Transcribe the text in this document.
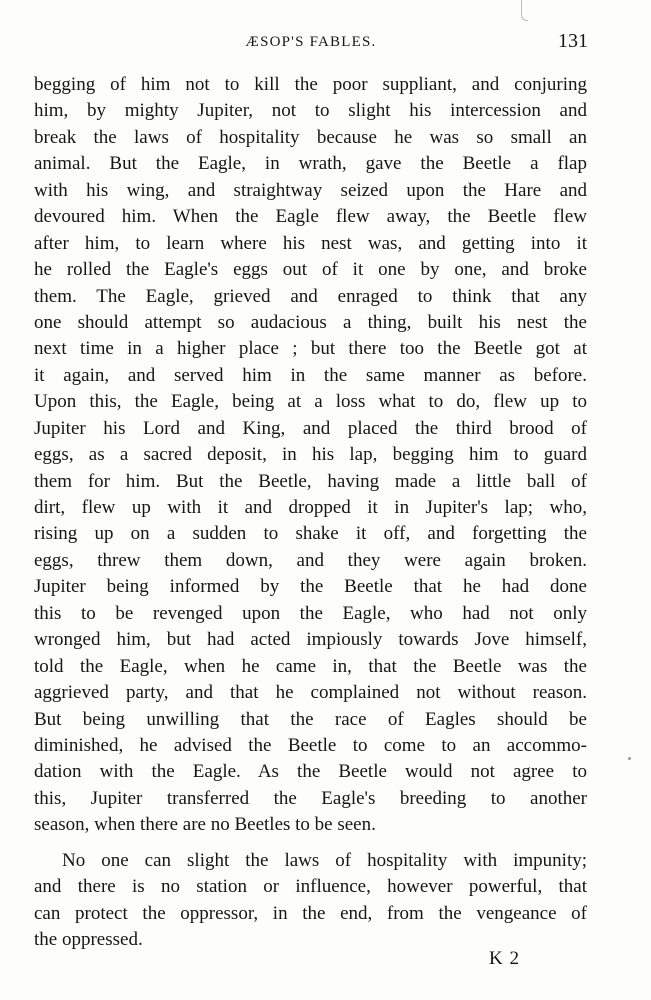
ÆSOP'S FABLES.	131
begging of him not to kill the poor suppliant, and conjuring
him, by mighty Jupiter, not to slight his intercession and
break the laws of hospitality because he was so small an
animal. But the Eagle, in wrath, gave the Beetle a flap
with his wing, and straightway seized upon the Hare and
devoured him. When the Eagle flew away, the Beetle flew
after him, to learn where his nest was, and getting into it
he rolled the Eagle's eggs out of it one by one, and broke
them. The Eagle, grieved and enraged to think that any
one should attempt so audacious a thing, built his nest the
next time in a higher place ; but there too the Beetle got at
it again, and served him in the same manner as before.
Upon this, the Eagle, being at a loss what to do, flew up to
Jupiter his Lord and King, and placed the third brood of
eggs, as a sacred deposit, in his lap, begging him to guard
them for him. But the Beetle, having made a little ball of
dirt, flew up with it and dropped it in Jupiter's lap; who,
rising up on a sudden to shake it off, and forgetting the
eggs, threw them down, and they were again broken.
Jupiter being informed by the Beetle that he had done
this to be revenged upon the Eagle, who had not only
wronged him, but had acted impiously towards Jove himself,
told the Eagle, when he came in, that the Beetle was the
aggrieved party, and that he complained not without reason.
But being unwilling that the race of Eagles should be
diminished, he advised the Beetle to come to an accommo-
dation with the Eagle. As the Beetle would not agree to
this, Jupiter transferred the Eagle's breeding to another
season, when there are no Beetles to be seen.
No one can slight the laws of hospitality with impunity;
and there is no station or influence, however powerful, that
can protect the oppressor, in the end, from the vengeance of
the oppressed.
K 2
